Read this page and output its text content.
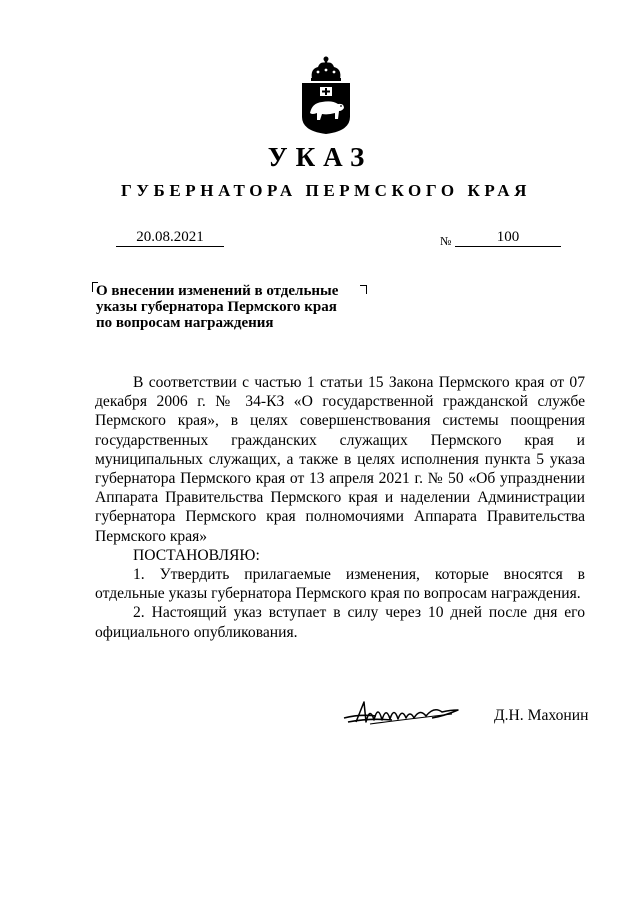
УКАЗ
ГУБЕРНАТОРА ПЕРМСКОГО КРАЯ
20.08.2021	№	100
О внесении изменений в отдельные
указы губернатора Пермского края
по вопросам награждения

В соответствии с частью 1 статьи 15 Закона Пермского края от 07 декабря 2006 г. № 34-КЗ «О государственной гражданской службе Пермского края», в целях совершенствования системы поощрения государственных гражданских служащих Пермского края и муниципальных служащих, а также в целях исполнения пункта 5 указа губернатора Пермского края от 13 апреля 2021 г. № 50 «Об упразднении Аппарата Правительства Пермского края и наделении Администрации губернатора Пермского края полномочиями Аппарата Правительства Пермского края»

ПОСТАНОВЛЯЮ:

1. Утвердить прилагаемые изменения, которые вносятся в отдельные указы губернатора Пермского края по вопросам награждения.

2. Настоящий указ вступает в силу через 10 дней после дня его официального опубликования.

Д.Н. Махонин
